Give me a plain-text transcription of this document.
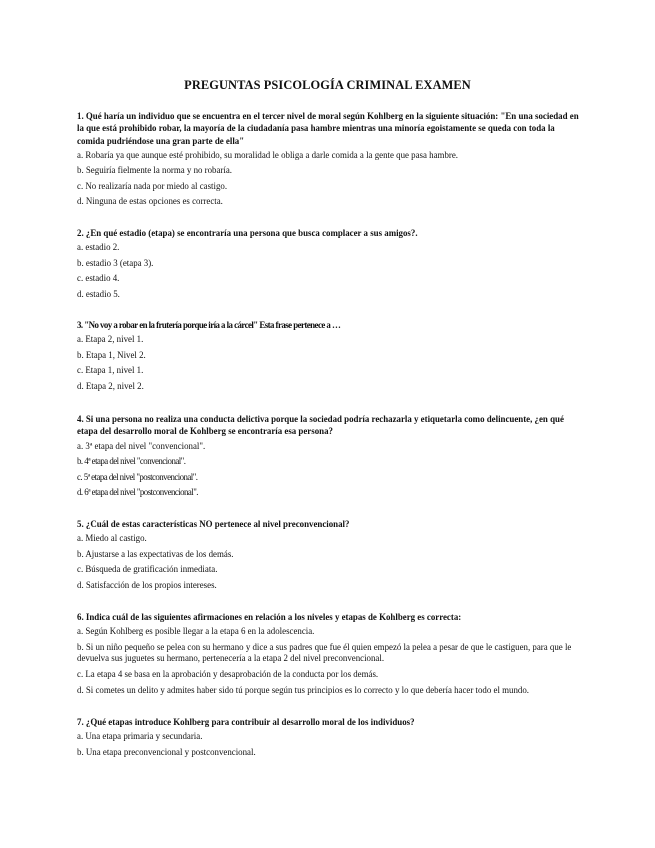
PREGUNTAS PSICOLOGÍA CRIMINAL EXAMEN

1. Qué haría un individuo que se encuentra en el tercer nivel de moral según Kohlberg en la siguiente situación: "En una sociedad en la que está prohibido robar, la mayoría de la ciudadanía pasa hambre mientras una minoría egoistamente se queda con toda la comida pudriéndose una gran parte de ella"

a. Robaría ya que aunque esté prohibido, su moralidad le obliga a darle comida a la gente que pasa hambre.

b. Seguiría fielmente la norma y no robaría.

c. No realizaría nada por miedo al castigo.

d. Ninguna de estas opciones es correcta.

2. ¿En qué estadio (etapa) se encontraría una persona que busca complacer a sus amigos?.

a. estadio 2.

b. estadio 3 (etapa 3).

c. estadio 4.

d. estadio 5.

3. "No voy a robar en la frutería porque iría a la cárcel" Esta frase pertenece a …

a. Etapa 2, nivel 1.

b. Etapa 1, Nivel 2.

c. Etapa 1, nivel 1.

d. Etapa 2, nivel 2.

4. Si una persona no realiza una conducta delictiva porque la sociedad podría rechazarla y etiquetarla como delincuente, ¿en qué etapa del desarrollo moral de Kohlberg se encontraría esa persona?

a. 3ª etapa del nivel "convencional".

b. 4ª etapa del nivel "convencional".

c. 5ª etapa del nivel "postconvencional".

d. 6ª etapa del nivel "postconvencional".

5. ¿Cuál de estas características NO pertenece al nivel preconvencional?

a. Miedo al castigo.

b. Ajustarse a las expectativas de los demás.

c. Búsqueda de gratificación inmediata.

d. Satisfacción de los propios intereses.

6. Indica cuál de las siguientes afirmaciones en relación a los niveles y etapas de Kohlberg es correcta:

a. Según Kohlberg es posible llegar a la etapa 6 en la adolescencia.

b. Si un niño pequeño se pelea con su hermano y dice a sus padres que fue él quien empezó la pelea a pesar de que le castiguen, para que le devuelva sus juguetes su hermano, pertenecería a la etapa 2 del nivel preconvencional.

c. La etapa 4 se basa en la aprobación y desaprobación de la conducta por los demás.

d. Si cometes un delito y admites haber sido tú porque según tus principios es lo correcto y lo que debería hacer todo el mundo.

7. ¿Qué etapas introduce Kohlberg para contribuir al desarrollo moral de los individuos?

a. Una etapa primaria y secundaria.

b. Una etapa preconvencional y postconvencional.
